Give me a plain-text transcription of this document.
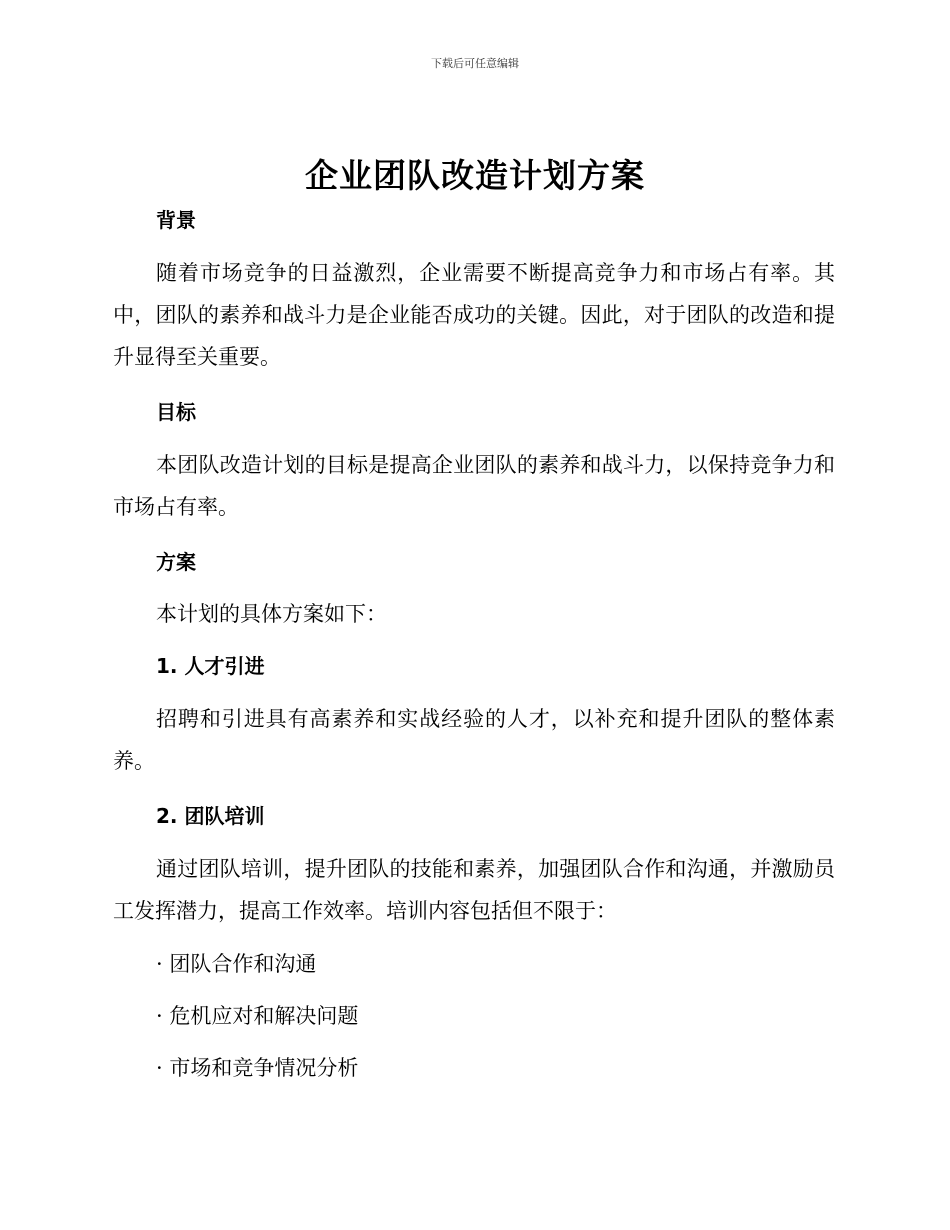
下载后可任意编辑
企业团队改造计划方案
背景

随着市场竞争的日益激烈，企业需要不断提高竞争力和市场占有率。其中，团队的素养和战斗力是企业能否成功的关键。因此，对于团队的改造和提升显得至关重要。

目标

本团队改造计划的目标是提高企业团队的素养和战斗力，以保持竞争力和市场占有率。

方案

本计划的具体方案如下：

1. 人才引进

招聘和引进具有高素养和实战经验的人才，以补充和提升团队的整体素养。

2. 团队培训

通过团队培训，提升团队的技能和素养，加强团队合作和沟通，并激励员工发挥潜力，提高工作效率。培训内容包括但不限于：

· 团队合作和沟通

· 危机应对和解决问题

· 市场和竞争情况分析
